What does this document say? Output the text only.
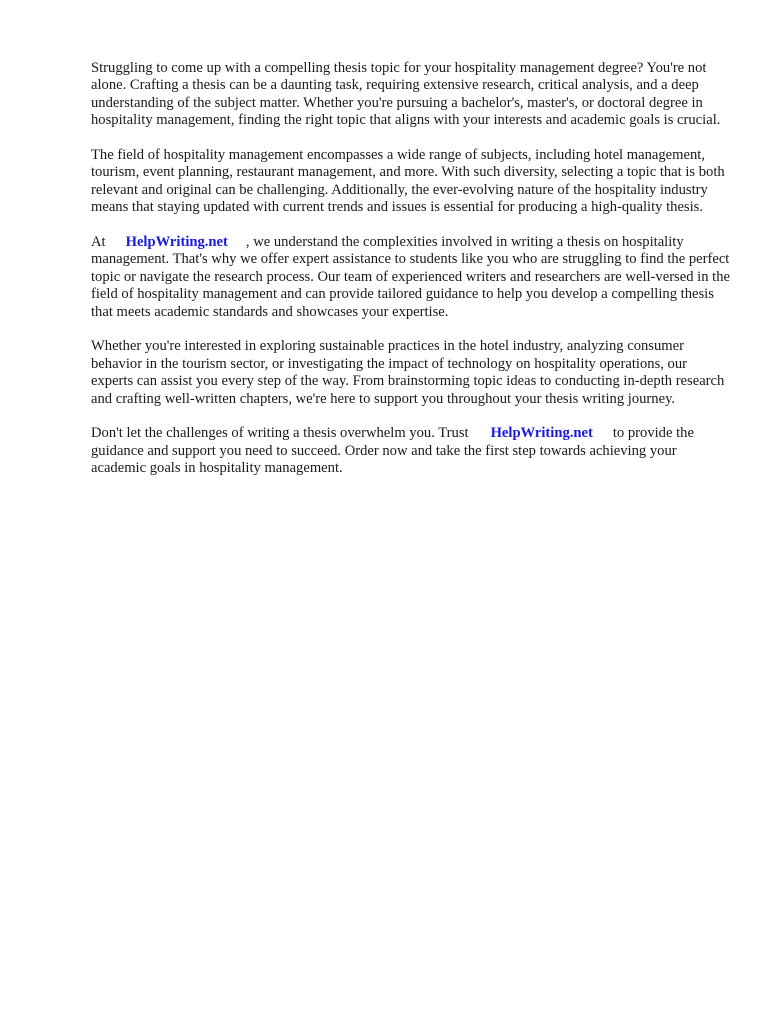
Struggling to come up with a compelling thesis topic for your hospitality management degree? You're not alone. Crafting a thesis can be a daunting task, requiring extensive research, critical analysis, and a deep understanding of the subject matter. Whether you're pursuing a bachelor's, master's, or doctoral degree in hospitality management, finding the right topic that aligns with your interests and academic goals is crucial.

The field of hospitality management encompasses a wide range of subjects, including hotel management, tourism, event planning, restaurant management, and more. With such diversity, selecting a topic that is both relevant and original can be challenging. Additionally, the ever-evolving nature of the hospitality industry means that staying updated with current trends and issues is essential for producing a high-quality thesis.

At HelpWriting.net , we understand the complexities involved in writing a thesis on hospitality management. That's why we offer expert assistance to students like you who are struggling to find the perfect topic or navigate the research process. Our team of experienced writers and researchers are well-versed in the field of hospitality management and can provide tailored guidance to help you develop a compelling thesis that meets academic standards and showcases your expertise.

Whether you're interested in exploring sustainable practices in the hotel industry, analyzing consumer behavior in the tourism sector, or investigating the impact of technology on hospitality operations, our experts can assist you every step of the way. From brainstorming topic ideas to conducting in-depth research and crafting well-written chapters, we're here to support you throughout your thesis writing journey.

Don't let the challenges of writing a thesis overwhelm you. Trust HelpWriting.net to provide the guidance and support you need to succeed. Order now and take the first step towards achieving your academic goals in hospitality management.
